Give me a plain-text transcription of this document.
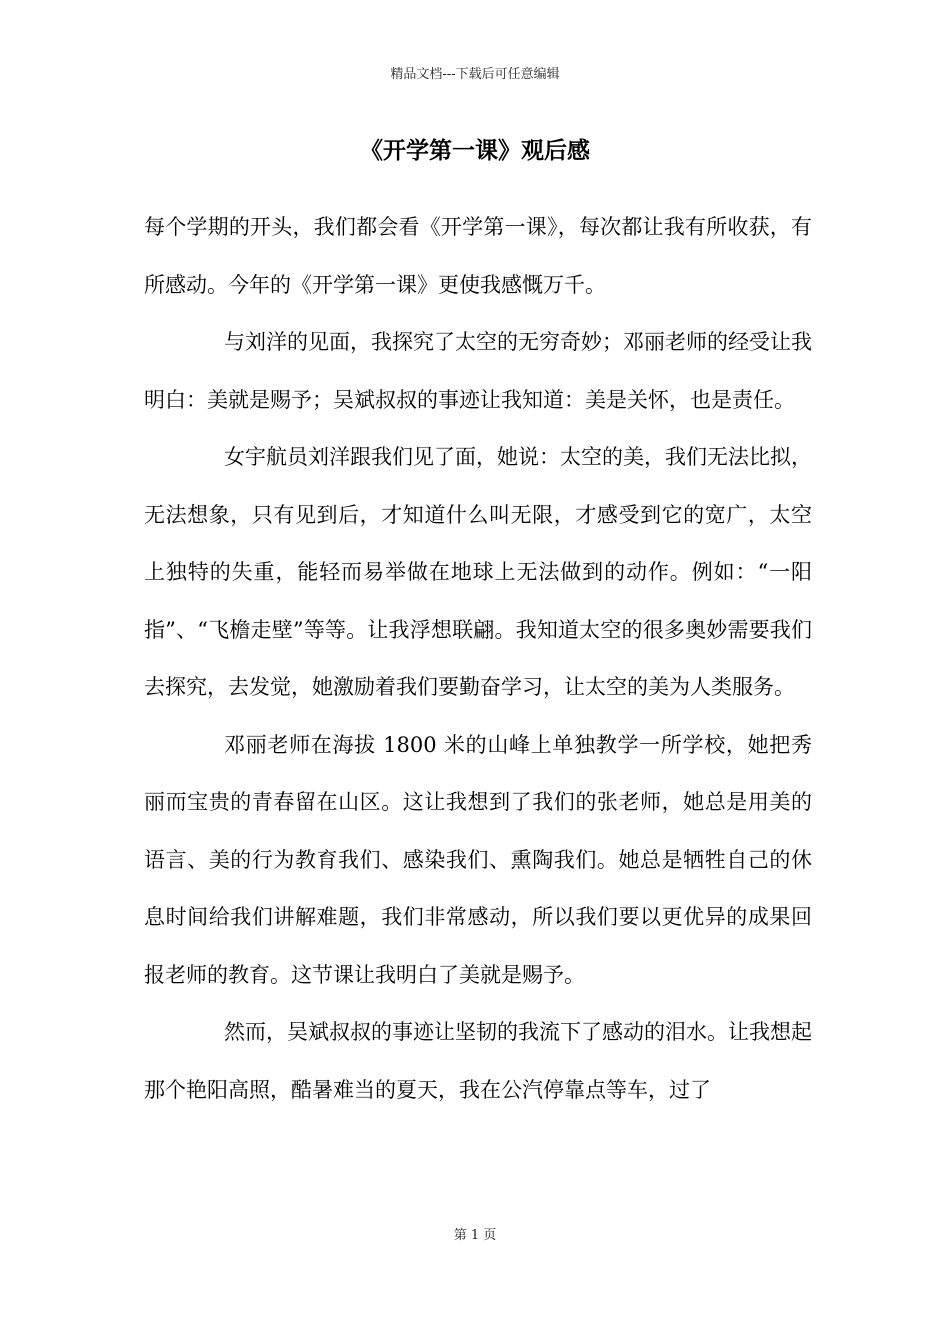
精品文档---下载后可任意编辑
《开学第一课》观后感

每个学期的开头，我们都会看《开学第一课》，每次都让我有所收获，有所感动。今年的《开学第一课》更使我感慨万千。

与刘洋的见面，我探究了太空的无穷奇妙；邓丽老师的经受让我明白：美就是赐予；吴斌叔叔的事迹让我知道：美是关怀，也是责任。

女宇航员刘洋跟我们见了面，她说：太空的美，我们无法比拟，无法想象，只有见到后，才知道什么叫无限，才感受到它的宽广，太空上独特的失重，能轻而易举做在地球上无法做到的动作。例如：“一阳指”、“飞檐走壁”等等。让我浮想联翩。我知道太空的很多奥妙需要我们去探究，去发觉，她激励着我们要勤奋学习，让太空的美为人类服务。

邓丽老师在海拔 1800 米的山峰上单独教学一所学校，她把秀丽而宝贵的青春留在山区。这让我想到了我们的张老师，她总是用美的语言、美的行为教育我们、感染我们、熏陶我们。她总是牺牲自己的休息时间给我们讲解难题，我们非常感动，所以我们要以更优异的成果回报老师的教育。这节课让我明白了美就是赐予。

然而，吴斌叔叔的事迹让坚韧的我流下了感动的泪水。让我想起那个艳阳高照，酷暑难当的夏天，我在公汽停靠点等车，过了

第 1 页
